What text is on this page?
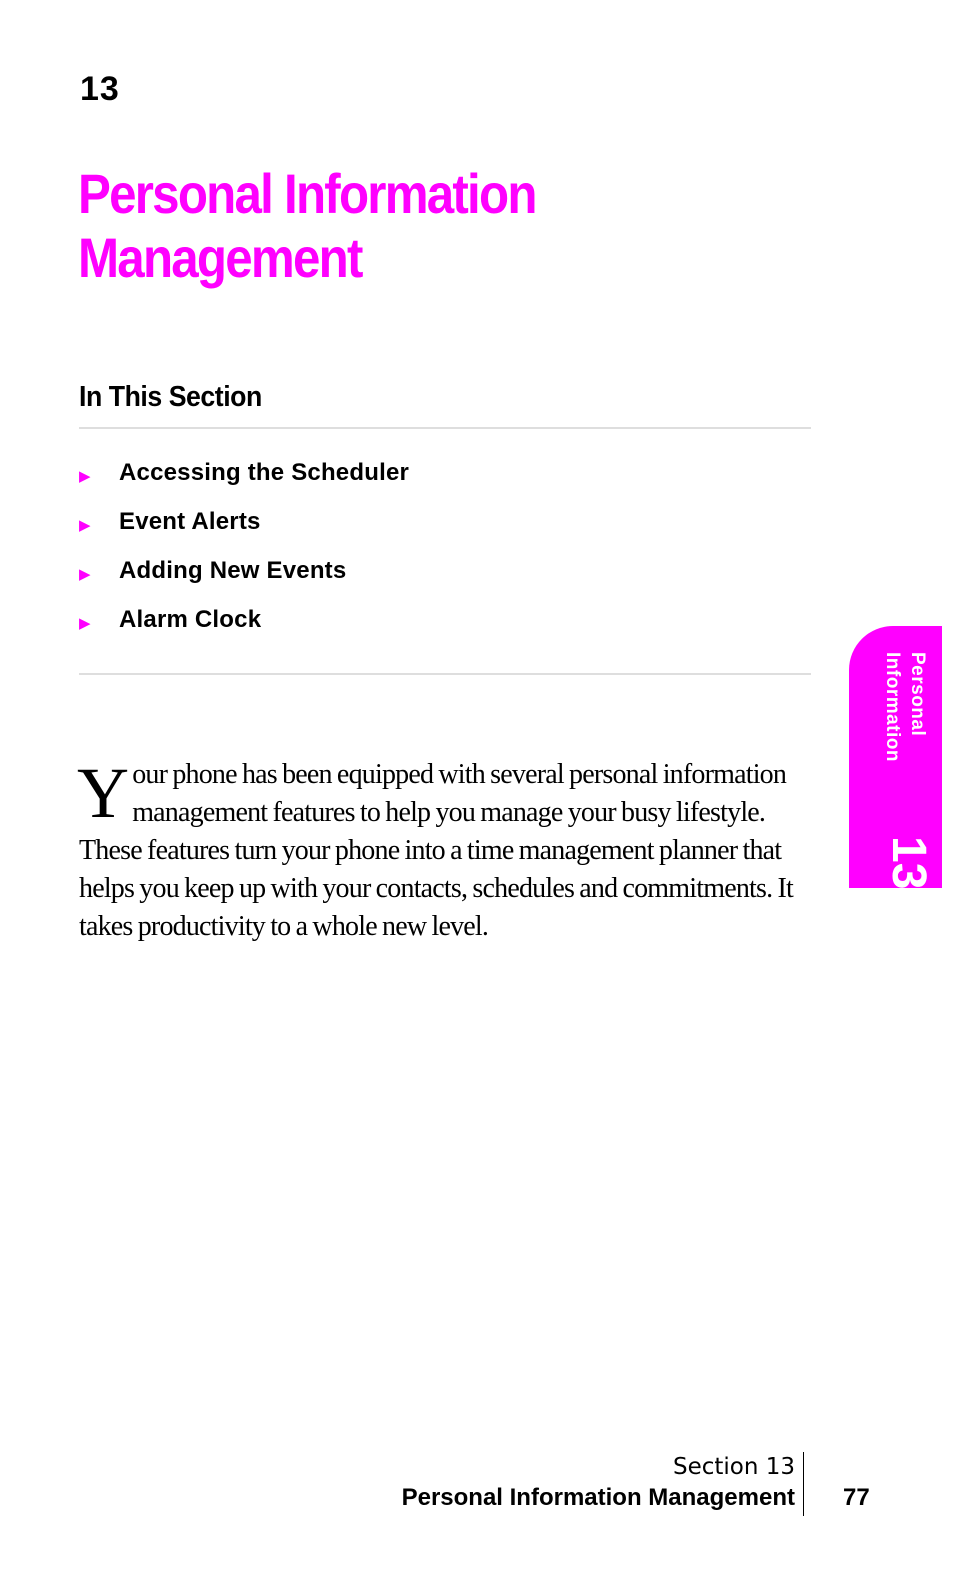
13
Personal Information
Management
In This Section
▶	Accessing the Scheduler
▶	Event Alerts
▶	Adding New Events
▶	Alarm Clock

Your phone has been equipped with several personal information management features to help you manage your busy lifestyle. These features turn your phone into a time management planner that helps you keep up with your contacts, schedules and commitments. It takes productivity to a whole new level.

Personal
Information
13
Section 13
Personal Information Management 77
